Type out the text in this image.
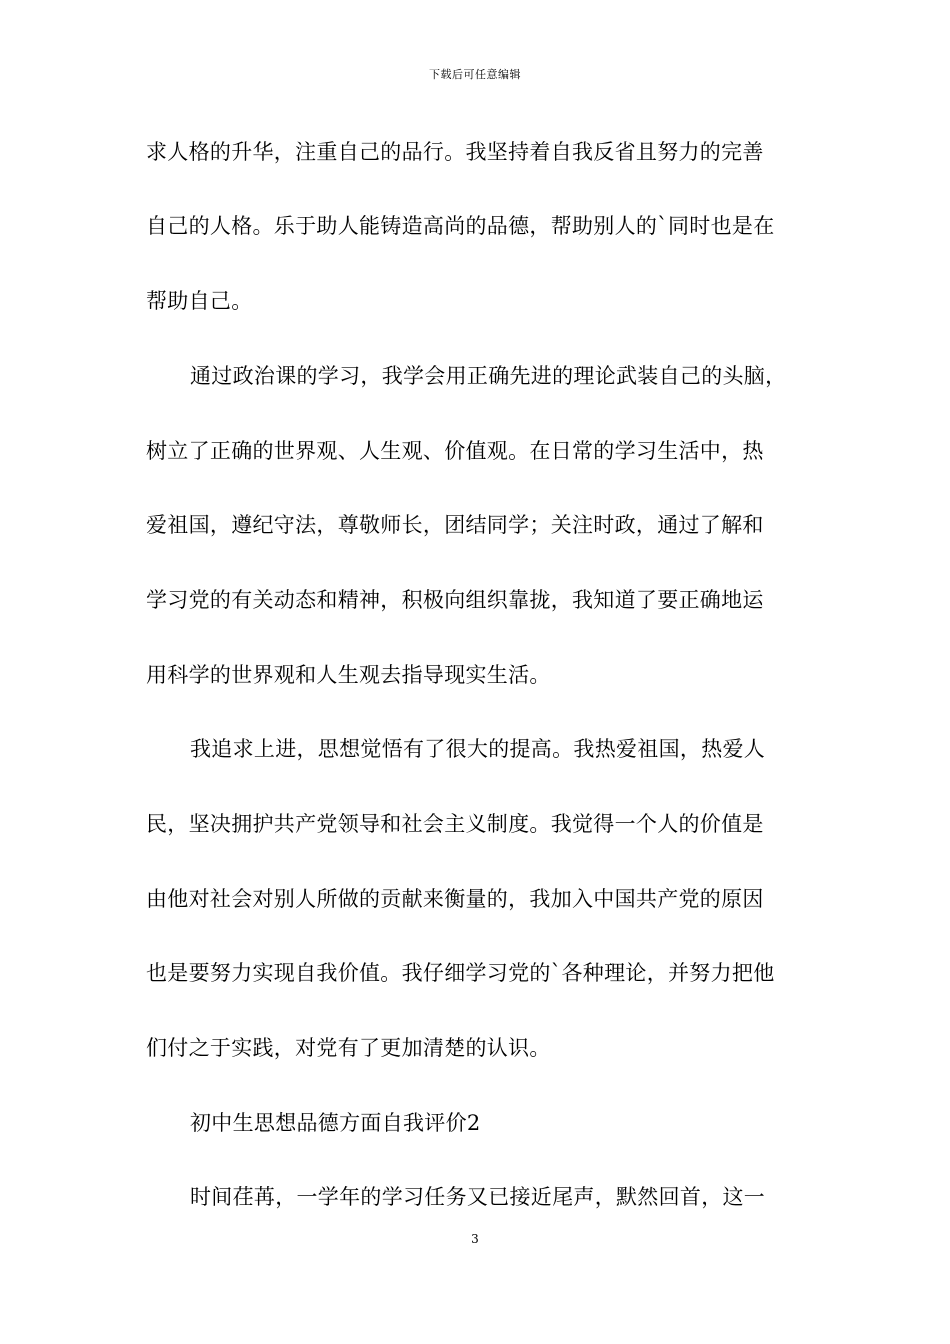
下载后可任意编辑
求人格的升华，注重自己的品行。我坚持着自我反省且努力的完善
自己的人格。乐于助人能铸造高尚的品德，帮助别人的`同时也是在
帮助自己。
通过政治课的学习，我学会用正确先进的理论武装自己的头脑，
树立了正确的世界观、人生观、价值观。在日常的学习生活中，热
爱祖国，遵纪守法，尊敬师长，团结同学；关注时政，通过了解和
学习党的有关动态和精神，积极向组织靠拢，我知道了要正确地运
用科学的世界观和人生观去指导现实生活。
我追求上进，思想觉悟有了很大的提高。我热爱祖国，热爱人
民，坚决拥护共产党领导和社会主义制度。我觉得一个人的价值是
由他对社会对别人所做的贡献来衡量的，我加入中国共产党的原因
也是要努力实现自我价值。我仔细学习党的`各种理论，并努力把他
们付之于实践，对党有了更加清楚的认识。
初中生思想品德方面自我评价2
时间荏苒，一学年的学习任务又已接近尾声，默然回首，这一
3
